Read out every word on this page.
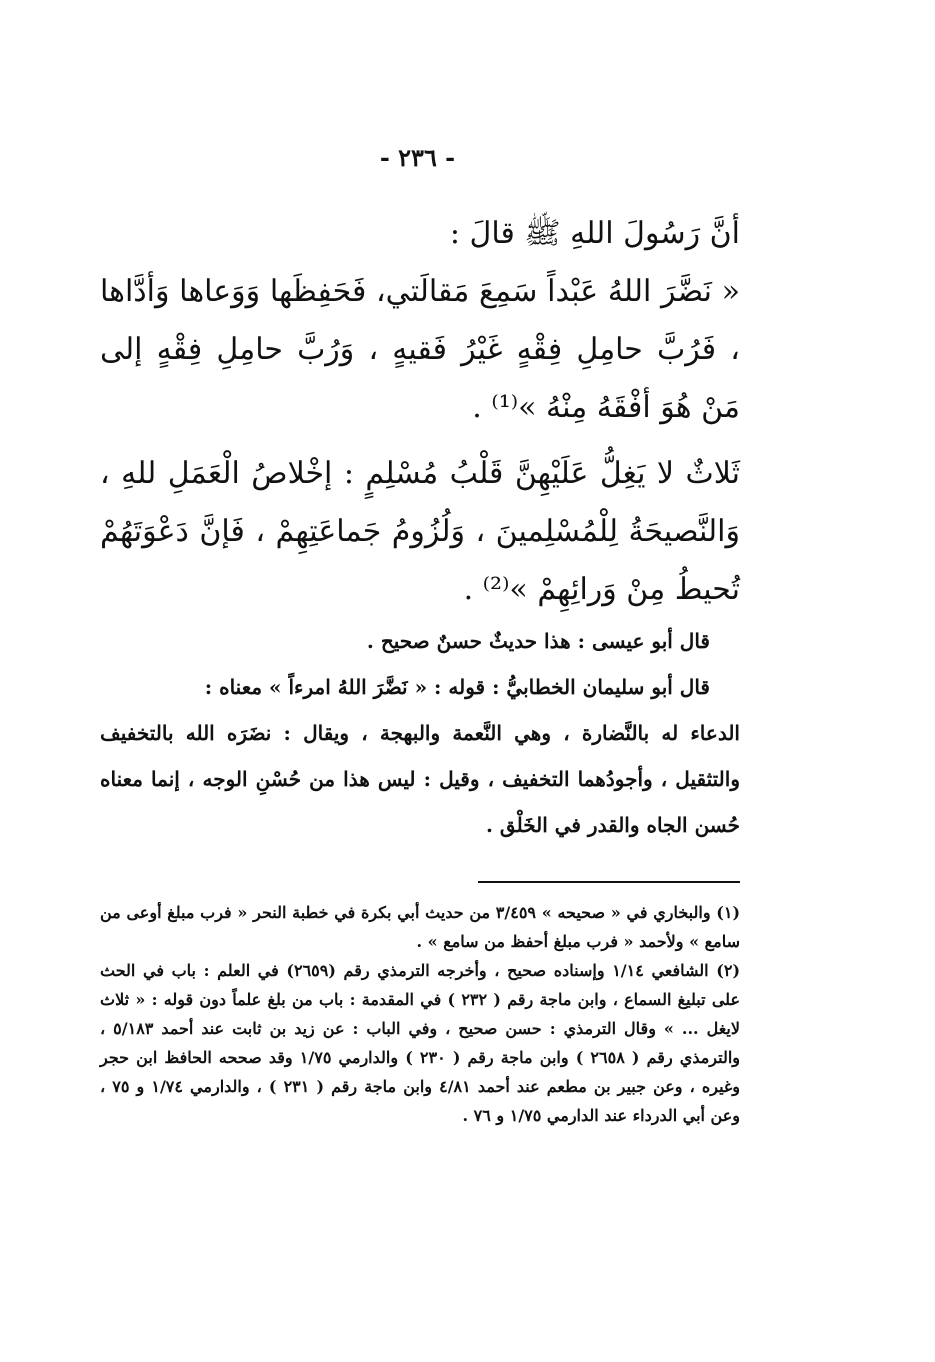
- ٢٣٦ -

أنَّ رَسُولَ اللهِ ﷺ قالَ :

« نَضَّرَ اللهُ عَبْداً سَمِعَ مَقالَتي، فَحَفِظَها وَوَعاها وَأدَّاها ، فَرُبَّ حامِلِ فِقْهٍ غَيْرُ فَقيهٍ ، وَرُبَّ حامِلِ فِقْهٍ إلى مَنْ هُوَ أفْقَهُ مِنْهُ »⁽¹⁾ .

ثَلاثٌ لا يَغِلُّ عَلَيْهِنَّ قَلْبُ مُسْلِمٍ : إخْلاصُ الْعَمَلِ للهِ ، وَالنَّصيحَةُ لِلْمُسْلِمينَ ، وَلُزُومُ جَماعَتِهِمْ ، فَإنَّ دَعْوَتَهُمْ تُحيطُ مِنْ وَرائِهِمْ »⁽²⁾ .

قال أبو عيسى : هذا حديثٌ حسنٌ صحيح .

قال أبو سليمان الخطابيُّ : قوله : « نَضَّرَ اللهُ امرءاً » معناه :

الدعاء له بالنَّضارة ، وهي النَّعمة والبهجة ، ويقال : نضَرَه الله بالتخفيف والتثقيل ، وأجودُهما التخفيف ، وقيل : ليس هذا من حُسْنِ الوجه ، إنما معناه حُسن الجاه والقدر في الخَلْق .

(١) والبخاري في « صحيحه » ٣/٤٥٩ من حديث أبي بكرة في خطبة النحر « فرب مبلغ أوعى من سامع » ولأحمد « فرب مبلغ أحفظ من سامع » .

(٢) الشافعي ١/١٤ وإسناده صحيح ، وأخرجه الترمذي رقم (٢٦٥٩) في العلم : باب في الحث على تبليغ السماع ، وابن ماجة رقم ( ٢٣٢ ) في المقدمة : باب من بلغ علماً دون قوله : « ثلاث لايغل ... » وقال الترمذي : حسن صحيح ، وفي الباب : عن زيد بن ثابت عند أحمد ٥/١٨٣ ، والترمذي رقم ( ٢٦٥٨ ) وابن ماجة رقم ( ٢٣٠ ) والدارمي ١/٧٥ وقد صححه الحافظ ابن حجر وغيره ، وعن جبير بن مطعم عند أحمد ٤/٨١ وابن ماجة رقم ( ٢٣١ ) ، والدارمي ١/٧٤ و ٧٥ ، وعن أبي الدرداء عند الدارمي ١/٧٥ و ٧٦ .
